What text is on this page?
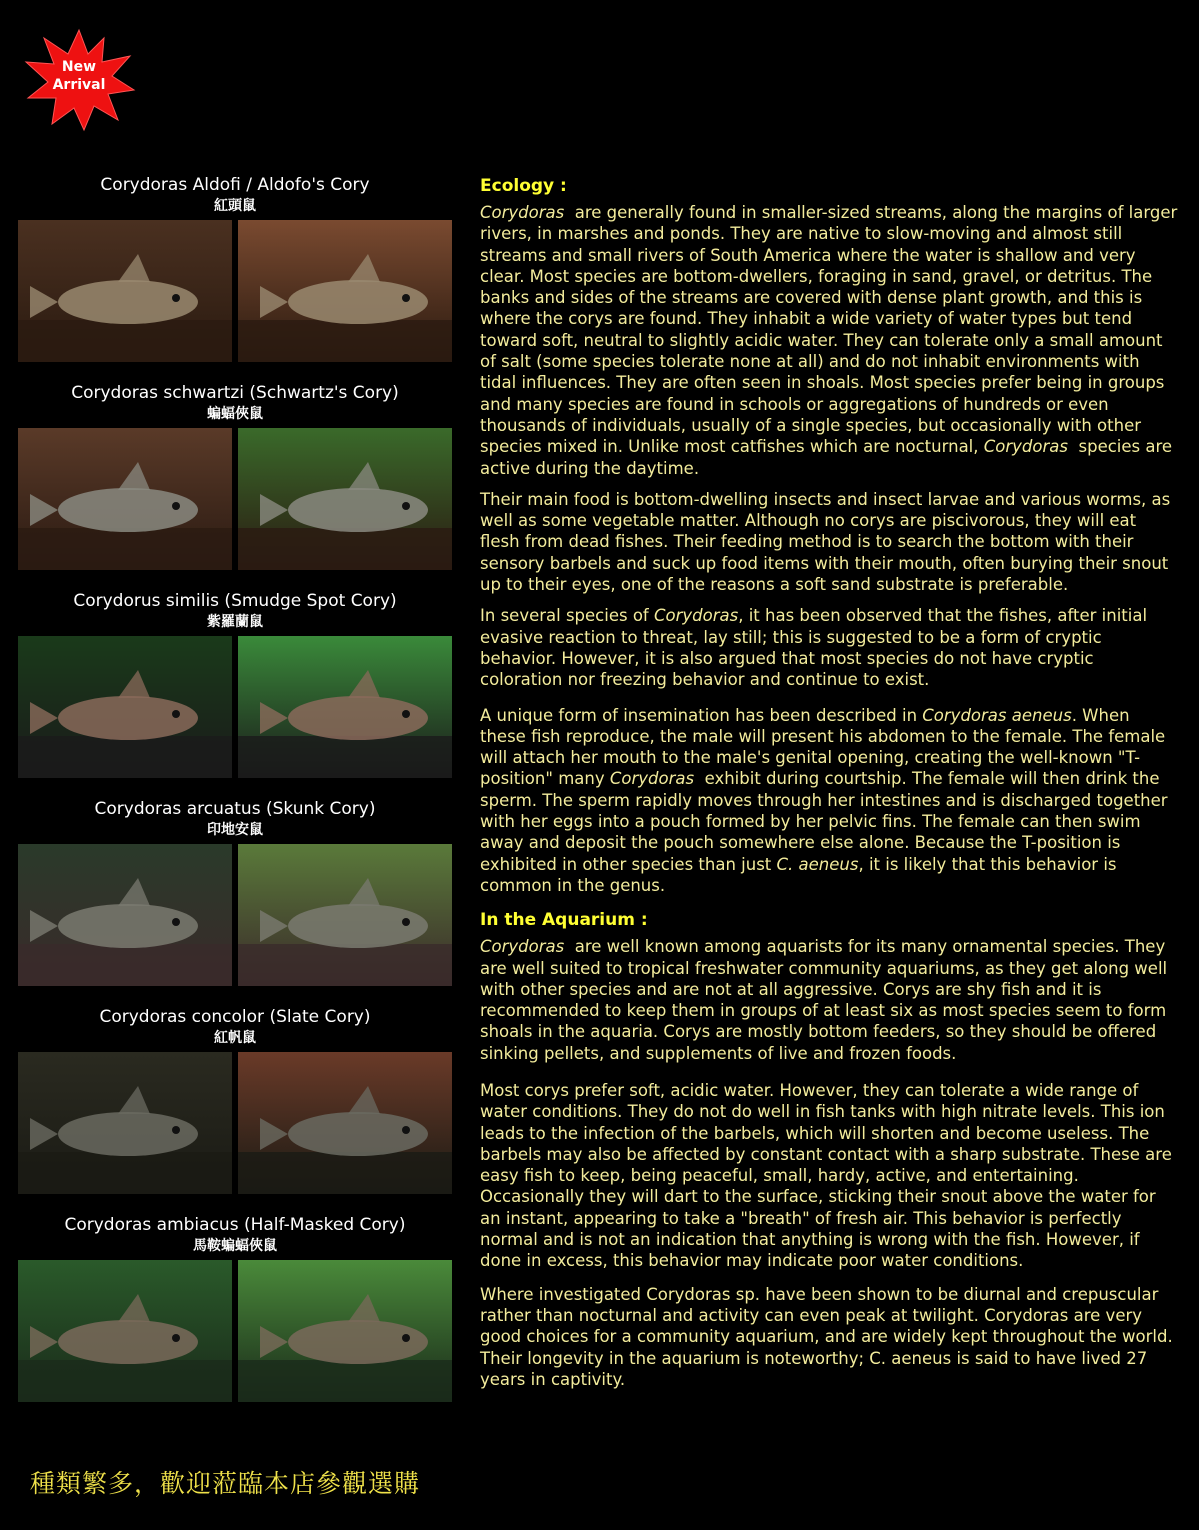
New
Arrival
Corydoras Aldofi / Aldofo's Cory
紅頭鼠
Corydoras schwartzi (Schwartz's Cory)
蝙蝠俠鼠
Corydorus similis (Smudge Spot Cory)
紫羅蘭鼠
Corydoras arcuatus (Skunk Cory)
印地安鼠
Corydoras concolor (Slate Cory)
紅帆鼠
Corydoras ambiacus (Half-Masked Cory)
馬鞍蝙蝠俠鼠
Ecology :

Corydoras are generally found in smaller-sized streams, along the margins of larger rivers, in marshes and ponds. They are native to slow-moving and almost still streams and small rivers of South America where the water is shallow and very clear. Most species are bottom-dwellers, foraging in sand, gravel, or detritus. The banks and sides of the streams are covered with dense plant growth, and this is where the corys are found. They inhabit a wide variety of water types but tend toward soft, neutral to slightly acidic water. They can tolerate only a small amount of salt (some species tolerate none at all) and do not inhabit environments with tidal influences. They are often seen in shoals. Most species prefer being in groups and many species are found in schools or aggregations of hundreds or even thousands of individuals, usually of a single species, but occasionally with other species mixed in. Unlike most catfishes which are nocturnal, Corydoras species are active during the daytime.

Their main food is bottom-dwelling insects and insect larvae and various worms, as well as some vegetable matter. Although no corys are piscivorous, they will eat flesh from dead fishes. Their feeding method is to search the bottom with their sensory barbels and suck up food items with their mouth, often burying their snout up to their eyes, one of the reasons a soft sand substrate is preferable.

In several species of Corydoras, it has been observed that the fishes, after initial evasive reaction to threat, lay still; this is suggested to be a form of cryptic behavior. However, it is also argued that most species do not have cryptic coloration nor freezing behavior and continue to exist.

A unique form of insemination has been described in Corydoras aeneus. When these fish reproduce, the male will present his abdomen to the female. The female will attach her mouth to the male's genital opening, creating the well-known "T-position" many Corydoras exhibit during courtship. The female will then drink the sperm. The sperm rapidly moves through her intestines and is discharged together with her eggs into a pouch formed by her pelvic fins. The female can then swim away and deposit the pouch somewhere else alone. Because the T-position is exhibited in other species than just C. aeneus, it is likely that this behavior is common in the genus.

In the Aquarium :

Corydoras are well known among aquarists for its many ornamental species. They are well suited to tropical freshwater community aquariums, as they get along well with other species and are not at all aggressive. Corys are shy fish and it is recommended to keep them in groups of at least six as most species seem to form shoals in the aquaria. Corys are mostly bottom feeders, so they should be offered sinking pellets, and supplements of live and frozen foods.

Most corys prefer soft, acidic water. However, they can tolerate a wide range of water conditions. They do not do well in fish tanks with high nitrate levels. This ion leads to the infection of the barbels, which will shorten and become useless. The barbels may also be affected by constant contact with a sharp substrate. These are easy fish to keep, being peaceful, small, hardy, active, and entertaining. Occasionally they will dart to the surface, sticking their snout above the water for an instant, appearing to take a "breath" of fresh air. This behavior is perfectly normal and is not an indication that anything is wrong with the fish. However, if done in excess, this behavior may indicate poor water conditions.

Where investigated Corydoras sp. have been shown to be diurnal and crepuscular rather than nocturnal and activity can even peak at twilight. Corydoras are very good choices for a community aquarium, and are widely kept throughout the world. Their longevity in the aquarium is noteworthy; C. aeneus is said to have lived 27 years in captivity.

種類繁多，歡迎蒞臨本店參觀選購
